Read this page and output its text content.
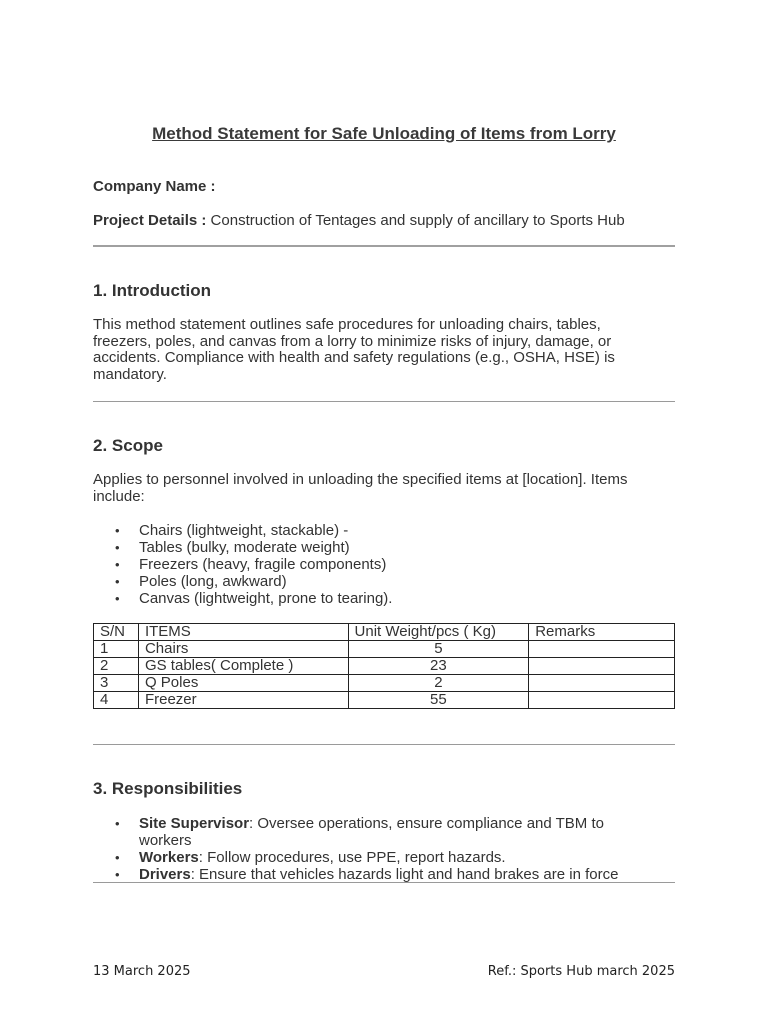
Method Statement for Safe Unloading of Items from Lorry
Company Name :
Project Details : Construction of Tentages and supply of ancillary to Sports Hub
1. Introduction
This method statement outlines safe procedures for unloading chairs, tables, freezers, poles, and canvas from a lorry to minimize risks of injury, damage, or accidents. Compliance with health and safety regulations (e.g., OSHA, HSE) is mandatory.
2. Scope
Applies to personnel involved in unloading the specified items at [location]. Items include:
• Chairs (lightweight, stackable) -
• Tables (bulky, moderate weight)
• Freezers (heavy, fragile components)
• Poles (long, awkward)
• Canvas (lightweight, prone to tearing).
S/N	ITEMS	Unit Weight/pcs ( Kg)	Remarks
1	Chairs	5	
2	GS tables( Complete )	23	
3	Q Poles	2	
4	Freezer	55	
3. Responsibilities
• Site Supervisor: Oversee operations, ensure compliance and TBM to workers
• Workers: Follow procedures, use PPE, report hazards.
• Drivers: Ensure that vehicles hazards light and hand brakes are in force
13 March 2025	Ref.: Sports Hub march 2025
